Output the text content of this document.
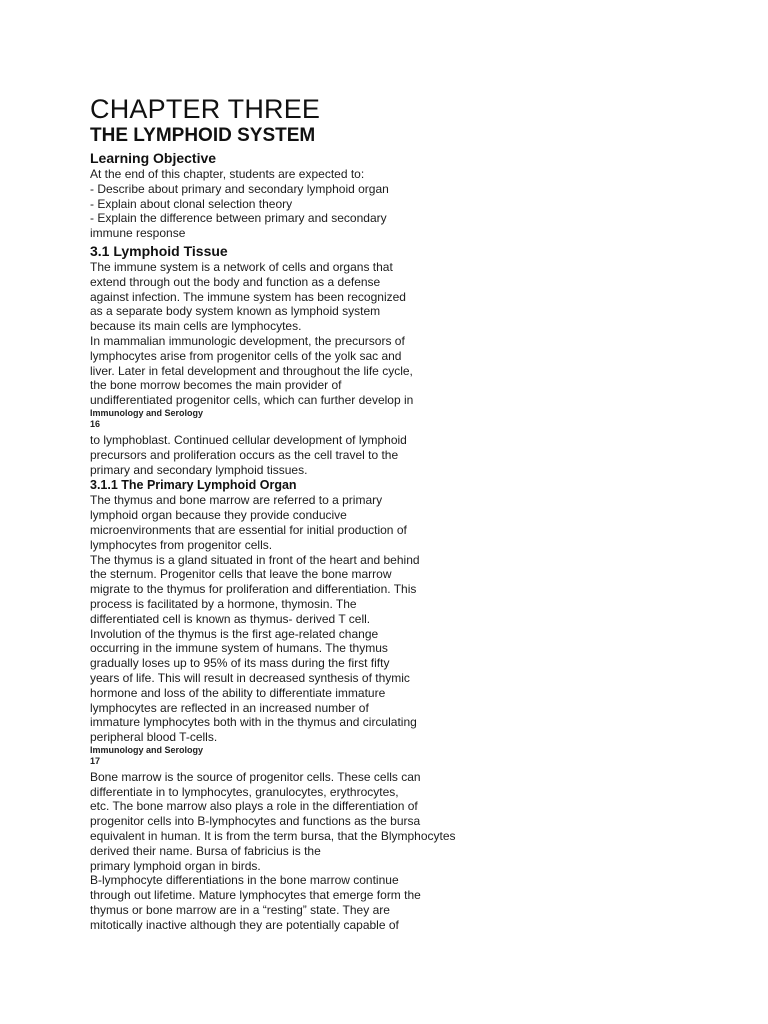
CHAPTER THREE
THE LYMPHOID SYSTEM
Learning Objective
At the end of this chapter, students are expected to:
- Describe about primary and secondary lymphoid organ
- Explain about clonal selection theory
- Explain the difference between primary and secondary
immune response
3.1 Lymphoid Tissue
The immune system is a network of cells and organs that
extend through out the body and function as a defense
against infection. The immune system has been recognized
as a separate body system known as lymphoid system
because its main cells are lymphocytes.
In mammalian immunologic development, the precursors of
lymphocytes arise from progenitor cells of the yolk sac and
liver. Later in fetal development and throughout the life cycle,
the bone morrow becomes the main provider of
undifferentiated progenitor cells, which can further develop in
Immunology and Serology
16
to lymphoblast. Continued cellular development of lymphoid
precursors and proliferation occurs as the cell travel to the
primary and secondary lymphoid tissues.
3.1.1 The Primary Lymphoid Organ
The thymus and bone marrow are referred to a primary
lymphoid organ because they provide conducive
microenvironments that are essential for initial production of
lymphocytes from progenitor cells.
The thymus is a gland situated in front of the heart and behind
the sternum. Progenitor cells that leave the bone marrow
migrate to the thymus for proliferation and differentiation. This
process is facilitated by a hormone, thymosin. The
differentiated cell is known as thymus- derived T cell.
Involution of the thymus is the first age-related change
occurring in the immune system of humans. The thymus
gradually loses up to 95% of its mass during the first fifty
years of life. This will result in decreased synthesis of thymic
hormone and loss of the ability to differentiate immature
lymphocytes are reflected in an increased number of
immature lymphocytes both with in the thymus and circulating
peripheral blood T-cells.
Immunology and Serology
17
Bone marrow is the source of progenitor cells. These cells can
differentiate in to lymphocytes, granulocytes, erythrocytes,
etc. The bone marrow also plays a role in the differentiation of
progenitor cells into B-lymphocytes and functions as the bursa
equivalent in human. It is from the term bursa, that the Blymphocytes
derived their name. Bursa of fabricius is the
primary lymphoid organ in birds.
B-lymphocyte differentiations in the bone marrow continue
through out lifetime. Mature lymphocytes that emerge form the
thymus or bone marrow are in a “resting” state. They are
mitotically inactive although they are potentially capable of
